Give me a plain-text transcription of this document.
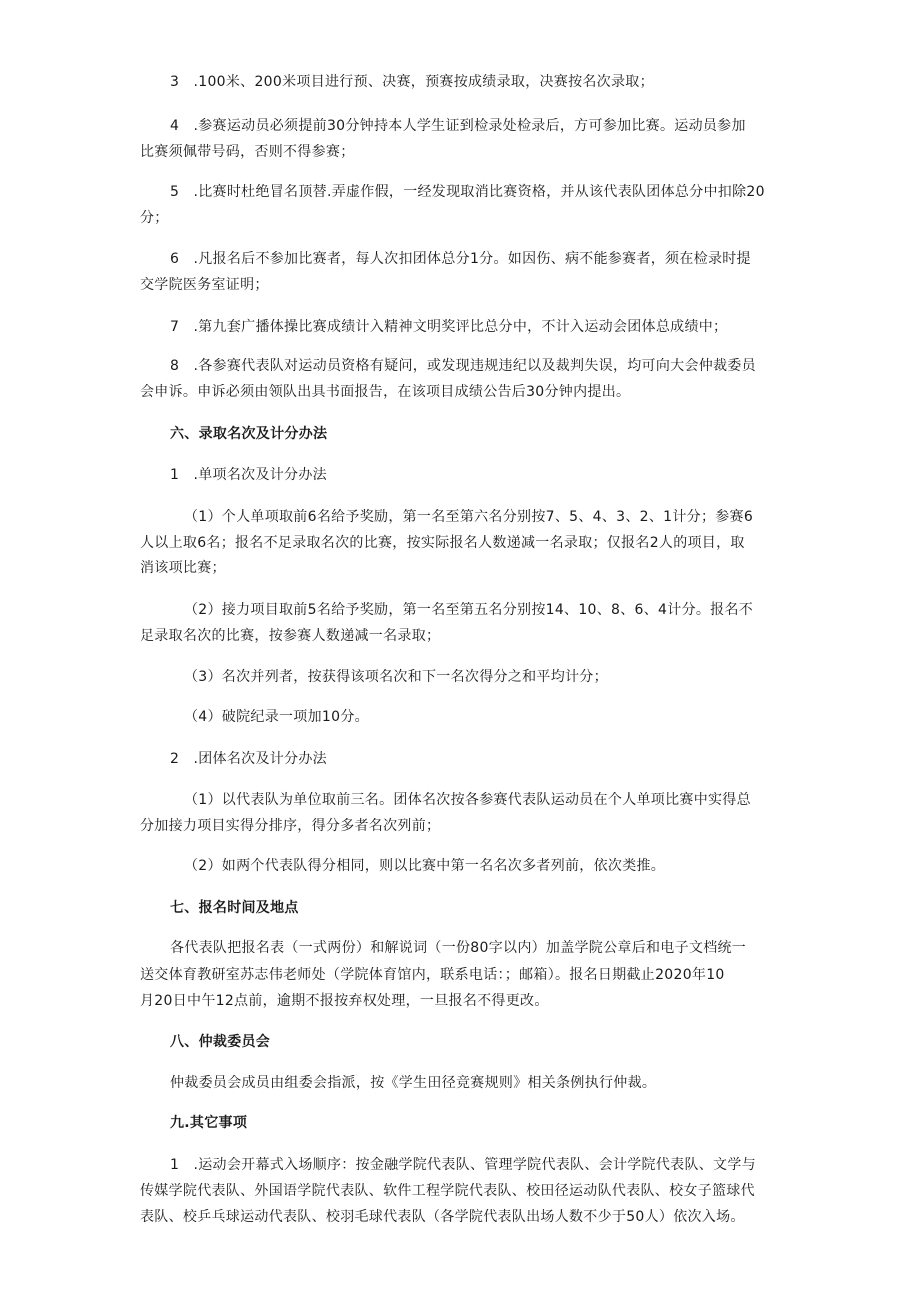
3　.100米、200米项目进行预、决赛，预赛按成绩录取，决赛按名次录取；
4　.参赛运动员必须提前30分钟持本人学生证到检录处检录后，方可参加比赛。运动员参加
比赛须佩带号码，否则不得参赛；
5　.比赛时杜绝冒名顶替.弄虚作假，一经发现取消比赛资格，并从该代表队团体总分中扣除20
分；
6　.凡报名后不参加比赛者，每人次扣团体总分1分。如因伤、病不能参赛者，须在检录时提
交学院医务室证明；
7　.第九套广播体操比赛成绩计入精神文明奖评比总分中，不计入运动会团体总成绩中；
8　.各参赛代表队对运动员资格有疑问，或发现违规违纪以及裁判失误，均可向大会仲裁委员
会申诉。申诉必须由领队出具书面报告，在该项目成绩公告后30分钟内提出。
六、录取名次及计分办法
1　.单项名次及计分办法
（1）个人单项取前6名给予奖励，第一名至第六名分别按7、5、4、3、2、1计分；参赛6
人以上取6名；报名不足录取名次的比赛，按实际报名人数递减一名录取；仅报名2人的项目，取
消该项比赛；
（2）接力项目取前5名给予奖励，第一名至第五名分别按14、10、8、6、4计分。报名不
足录取名次的比赛，按参赛人数递减一名录取；
（3）名次并列者，按获得该项名次和下一名次得分之和平均计分；
（4）破院纪录一项加10分。
2　.团体名次及计分办法
（1）以代表队为单位取前三名。团体名次按各参赛代表队运动员在个人单项比赛中实得总
分加接力项目实得分排序，得分多者名次列前；
（2）如两个代表队得分相同，则以比赛中第一名名次多者列前，依次类推。
七、报名时间及地点
各代表队把报名表（一式两份）和解说词（一份80字以内）加盖学院公章后和电子文档统一
送交体育教研室苏志伟老师处（学院体育馆内，联系电话：；邮箱）。报名日期截止2020年10
月20日中午12点前，逾期不报按弃权处理，一旦报名不得更改。
八、仲裁委员会
仲裁委员会成员由组委会指派，按《学生田径竞赛规则》相关条例执行仲裁。
九.其它事项
1　.运动会开幕式入场顺序：按金融学院代表队、管理学院代表队、会计学院代表队、文学与
传媒学院代表队、外国语学院代表队、软件工程学院代表队、校田径运动队代表队、校女子篮球代
表队、校乒乓球运动代表队、校羽毛球代表队（各学院代表队出场人数不少于50人）依次入场。
